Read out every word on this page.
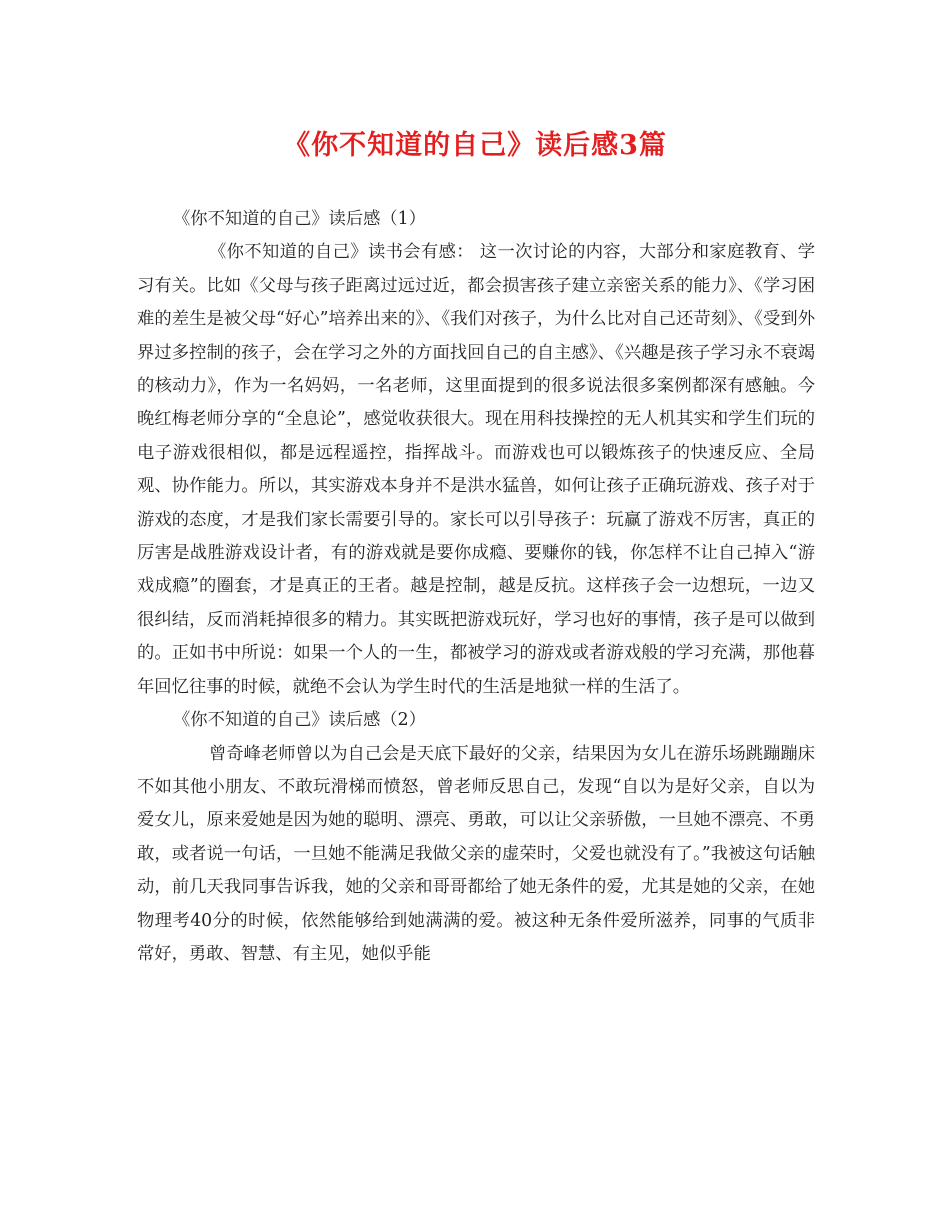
《你不知道的自己》读后感3篇

《你不知道的自己》读后感（1）

《你不知道的自己》读书会有感： 这一次讨论的内容，大部分和家庭教育、学习有关。比如《父母与孩子距离过远过近，都会损害孩子建立亲密关系的能力》、《学习困难的差生是被父母“好心”培养出来的》、《我们对孩子，为什么比对自己还苛刻》、《受到外界过多控制的孩子，会在学习之外的方面找回自己的自主感》、《兴趣是孩子学习永不衰竭的核动力》，作为一名妈妈，一名老师，这里面提到的很多说法很多案例都深有感触。今晚红梅老师分享的“全息论”，感觉收获很大。现在用科技操控的无人机其实和学生们玩的电子游戏很相似，都是远程遥控，指挥战斗。而游戏也可以锻炼孩子的快速反应、全局观、协作能力。所以，其实游戏本身并不是洪水猛兽，如何让孩子正确玩游戏、孩子对于游戏的态度，才是我们家长需要引导的。家长可以引导孩子：玩赢了游戏不厉害，真正的厉害是战胜游戏设计者，有的游戏就是要你成瘾、要赚你的钱，你怎样不让自己掉入“游戏成瘾”的圈套，才是真正的王者。越是控制，越是反抗。这样孩子会一边想玩，一边又很纠结，反而消耗掉很多的精力。其实既把游戏玩好，学习也好的事情，孩子是可以做到的。正如书中所说：如果一个人的一生，都被学习的游戏或者游戏般的学习充满，那他暮年回忆往事的时候，就绝不会认为学生时代的生活是地狱一样的生活了。

《你不知道的自己》读后感（2）

曾奇峰老师曾以为自己会是天底下最好的父亲，结果因为女儿在游乐场跳蹦蹦床不如其他小朋友、不敢玩滑梯而愤怒，曾老师反思自己，发现“自以为是好父亲，自以为爱女儿，原来爱她是因为她的聪明、漂亮、勇敢，可以让父亲骄傲，一旦她不漂亮、不勇敢，或者说一句话，一旦她不能满足我做父亲的虚荣时，父爱也就没有了。”我被这句话触动，前几天我同事告诉我，她的父亲和哥哥都给了她无条件的爱，尤其是她的父亲，在她物理考40分的时候，依然能够给到她满满的爱。被这种无条件爱所滋养，同事的气质非常好，勇敢、智慧、有主见，她似乎能
